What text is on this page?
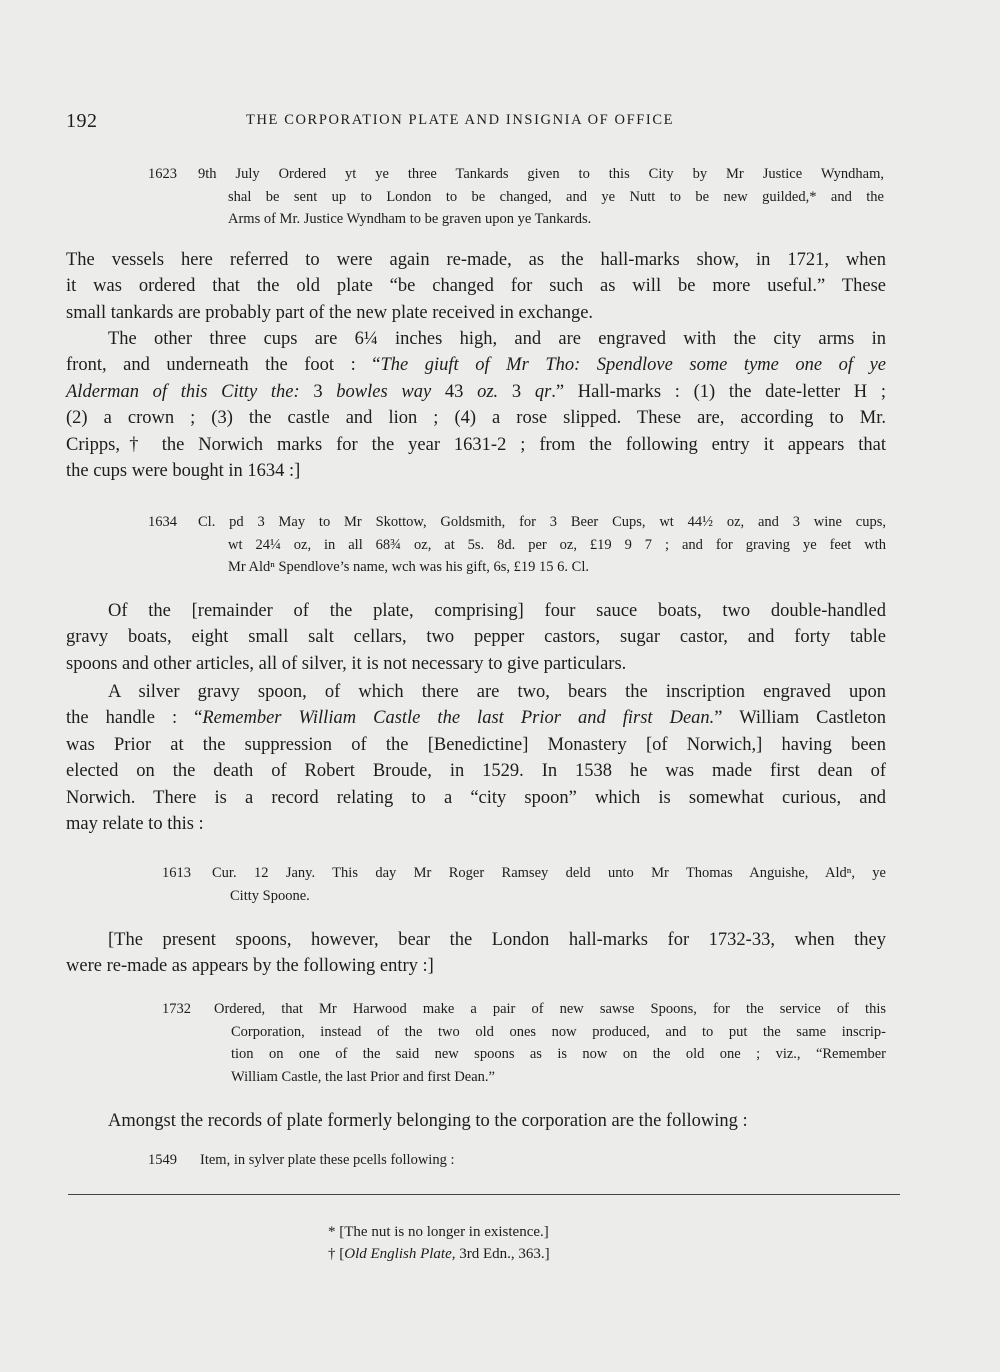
192	THE CORPORATION PLATE AND INSIGNIA OF OFFICE
1623 9th July Ordered yt ye three Tankards given to this City by Mr Justice Wyndham,
shal be sent up to London to be changed, and ye Nutt to be new guilded,* and the
Arms of Mr. Justice Wyndham to be graven upon ye Tankards.
The vessels here referred to were again re-made, as the hall-marks show, in 1721, when
it was ordered that the old plate “be changed for such as will be more useful.” These
small tankards are probably part of the new plate received in exchange.
The other three cups are 6¼ inches high, and are engraved with the city arms in
front, and underneath the foot : “The giuft of Mr Tho: Spendlove some tyme one of ye
Alderman of this Citty the: 3 bowles way 43 oz. 3 qr.” Hall-marks : (1) the date-letter H ;
(2) a crown ; (3) the castle and lion ; (4) a rose slipped. These are, according to Mr.
Cripps,† the Norwich marks for the year 1631-2 ; from the following entry it appears that
the cups were bought in 1634 :]
1634 Cl. pd 3 May to Mr Skottow, Goldsmith, for 3 Beer Cups, wt 44½ oz, and 3 wine cups,
wt 24¼ oz, in all 68¾ oz, at 5s. 8d. per oz, £19 9 7 ; and for graving ye feet wth
Mr Aldⁿ Spendlove’s name, wch was his gift, 6s, £19 15 6. Cl.
Of the [remainder of the plate, comprising] four sauce boats, two double-handled
gravy boats, eight small salt cellars, two pepper castors, sugar castor, and forty table
spoons and other articles, all of silver, it is not necessary to give particulars.
A silver gravy spoon, of which there are two, bears the inscription engraved upon
the handle : “Remember William Castle the last Prior and first Dean.” William Castleton
was Prior at the suppression of the [Benedictine] Monastery [of Norwich,] having been
elected on the death of Robert Broude, in 1529. In 1538 he was made first dean of
Norwich. There is a record relating to a “city spoon” which is somewhat curious, and
may relate to this :
1613 Cur. 12 Jany. This day Mr Roger Ramsey deld unto Mr Thomas Anguishe, Aldⁿ, ye
Citty Spoone.
[The present spoons, however, bear the London hall-marks for 1732-33, when they
were re-made as appears by the following entry :]
1732 Ordered, that Mr Harwood make a pair of new sawse Spoons, for the service of this
Corporation, instead of the two old ones now produced, and to put the same inscrip-
tion on one of the said new spoons as is now on the old one ; viz., “Remember
William Castle, the last Prior and first Dean.”
Amongst the records of plate formerly belonging to the corporation are the following :
1549 Item, in sylver plate these pcells following :
* [The nut is no longer in existence.]
† [Old English Plate, 3rd Edn., 363.]
